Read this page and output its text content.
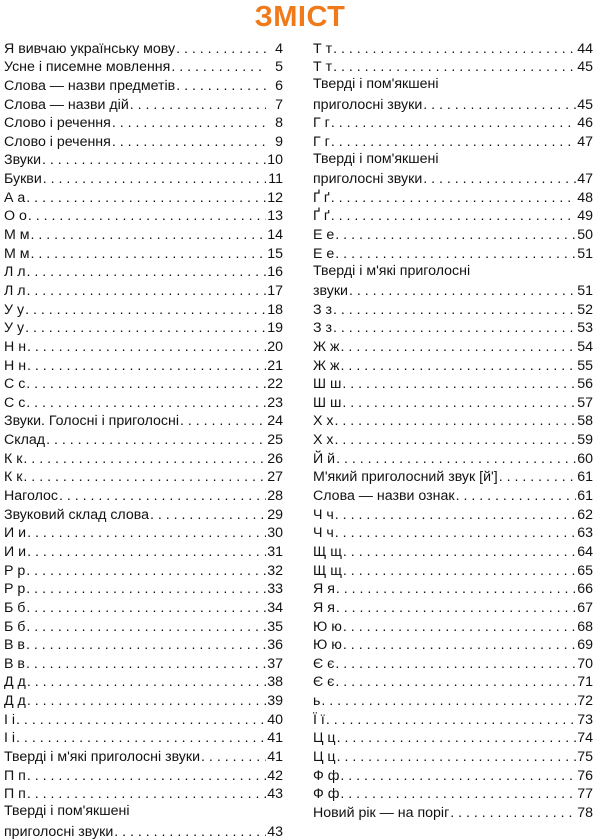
ЗМІСТ
Я вивчаю українську мову . . .	4
Усне і писемне мовлення . . .	5
Слова — назви предметів . . .	6
Слова — назви дій . . .	7
Слово і речення . . .	8
Слово і речення . . .	9
Звуки . . .	10
Букви . . .	11
А а . . .	12
О о . . .	13
М м . . .	14
М м . . .	15
Л л . . .	16
Л л . . .	17
У у . . .	18
У у . . .	19
Н н . . .	20
Н н . . .	21
С с . . .	22
С с . . .	23
Звуки. Голосні і приголосні . . .	24
Склад . . .	25
К к . . .	26
К к . . .	27
Наголос . . .	28
Звуковий склад слова . . .	29
И и . . .	30
И и . . .	31
Р р . . .	32
Р р . . .	33
Б б . . .	34
Б б . . .	35
В в . . .	36
В в . . .	37
Д д . . .	38
Д д . . .	39
І і . . .	40
І і . . .	41
Тверді і м'які приголосні звуки . . .	41
П п . . .	42
П п . . .	43
Тверді і пом'якшені
приголосні звуки . . .	43
Т т . . .	44
Т т . . .	45
Тверді і пом'якшені
приголосні звуки . . .	45
Г г . . .	46
Г г . . .	47
Тверді і пом'якшені
приголосні звуки . . .	47
Ґ ґ . . .	48
Ґ ґ . . .	49
Е е . . .	50
Е е . . .	51
Тверді і м'які приголосні
звуки . . .	51
З з . . .	52
З з . . .	53
Ж ж . . .	54
Ж ж . . .	55
Ш ш . . .	56
Ш ш . . .	57
Х х . . .	58
Х х . . .	59
Й й . . .	60
М'який приголосний звук [й'] . . .	61
Слова — назви ознак . . .	61
Ч ч . . .	62
Ч ч . . .	63
Щ щ . . .	64
Щ щ . . .	65
Я я . . .	66
Я я . . .	67
Ю ю . . .	68
Ю ю . . .	69
Є є . . .	70
Є є . . .	71
ь . . .	72
Ї ї . . .	73
Ц ц . . .	74
Ц ц . . .	75
Ф ф . . .	76
Ф ф . . .	77
Новий рік — на поріг . . .	78
